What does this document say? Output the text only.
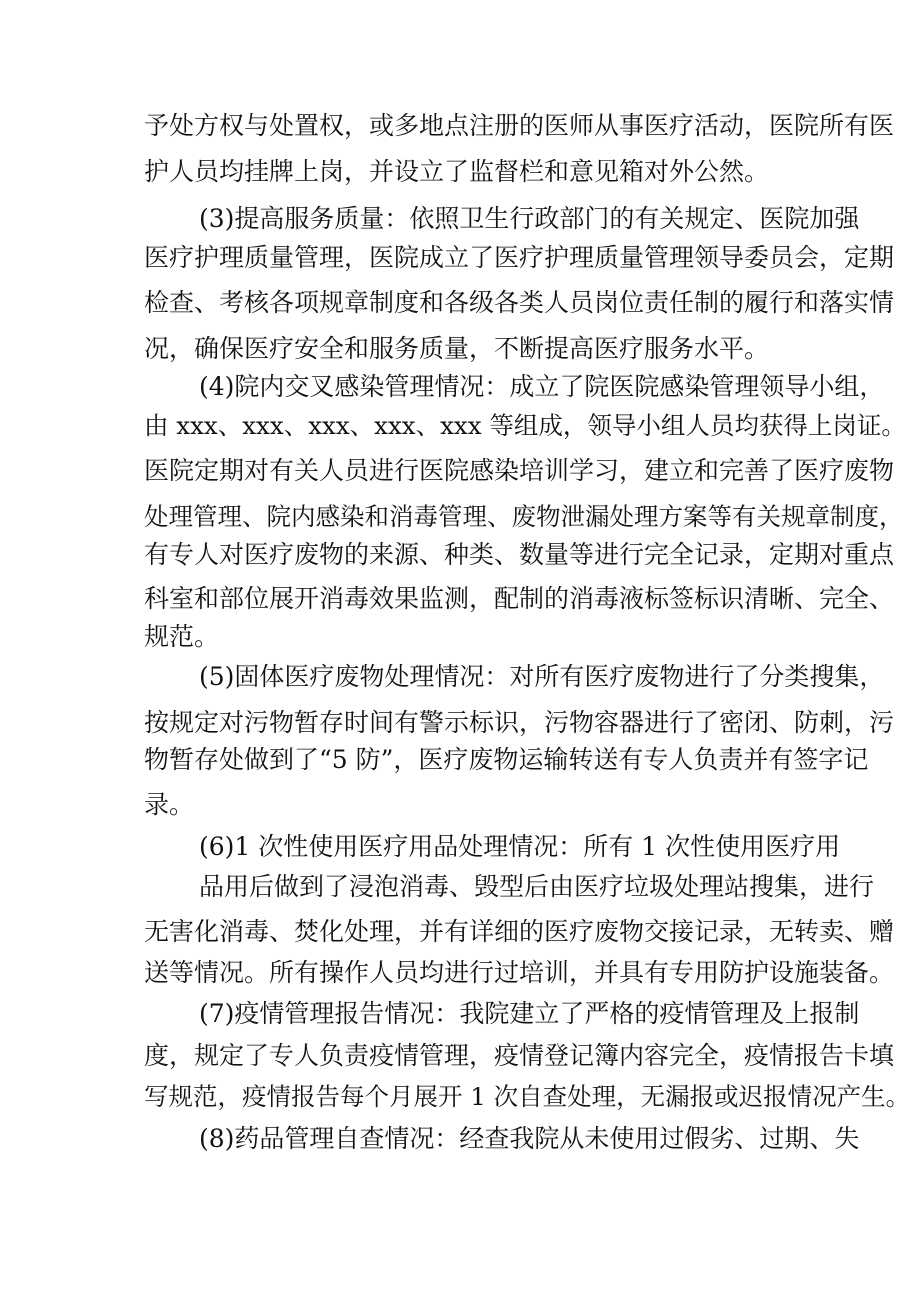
予处方权与处置权，或多地点注册的医师从事医疗活动，医院所有医

护人员均挂牌上岗，并设立了监督栏和意见箱对外公然。

(3)提高服务质量：依照卫生行政部门的有关规定、医院加强

医疗护理质量管理，医院成立了医疗护理质量管理领导委员会，定期

检查、考核各项规章制度和各级各类人员岗位责任制的履行和落实情

况，确保医疗安全和服务质量，不断提高医疗服务水平。

(4)院内交叉感染管理情况：成立了院医院感染管理领导小组，

由 xxx、xxx、xxx、xxx、xxx 等组成，领导小组人员均获得上岗证。

医院定期对有关人员进行医院感染培训学习，建立和完善了医疗废物

处理管理、院内感染和消毒管理、废物泄漏处理方案等有关规章制度，

有专人对医疗废物的来源、种类、数量等进行完全记录，定期对重点

科室和部位展开消毒效果监测，配制的消毒液标签标识清晰、完全、

规范。

(5)固体医疗废物处理情况：对所有医疗废物进行了分类搜集，

按规定对污物暂存时间有警示标识，污物容器进行了密闭、防刺，污

物暂存处做到了“5 防”，医疗废物运输转送有专人负责并有签字记

录。

(6)1 次性使用医疗用品处理情况：所有 1 次性使用医疗用

品用后做到了浸泡消毒、毁型后由医疗垃圾处理站搜集，进行

无害化消毒、焚化处理，并有详细的医疗废物交接记录，无转卖、赠

送等情况。所有操作人员均进行过培训，并具有专用防护设施装备。

(7)疫情管理报告情况：我院建立了严格的疫情管理及上报制

度，规定了专人负责疫情管理，疫情登记簿内容完全，疫情报告卡填

写规范，疫情报告每个月展开 1 次自查处理，无漏报或迟报情况产生。

(8)药品管理自查情况：经查我院从未使用过假劣、过期、失
